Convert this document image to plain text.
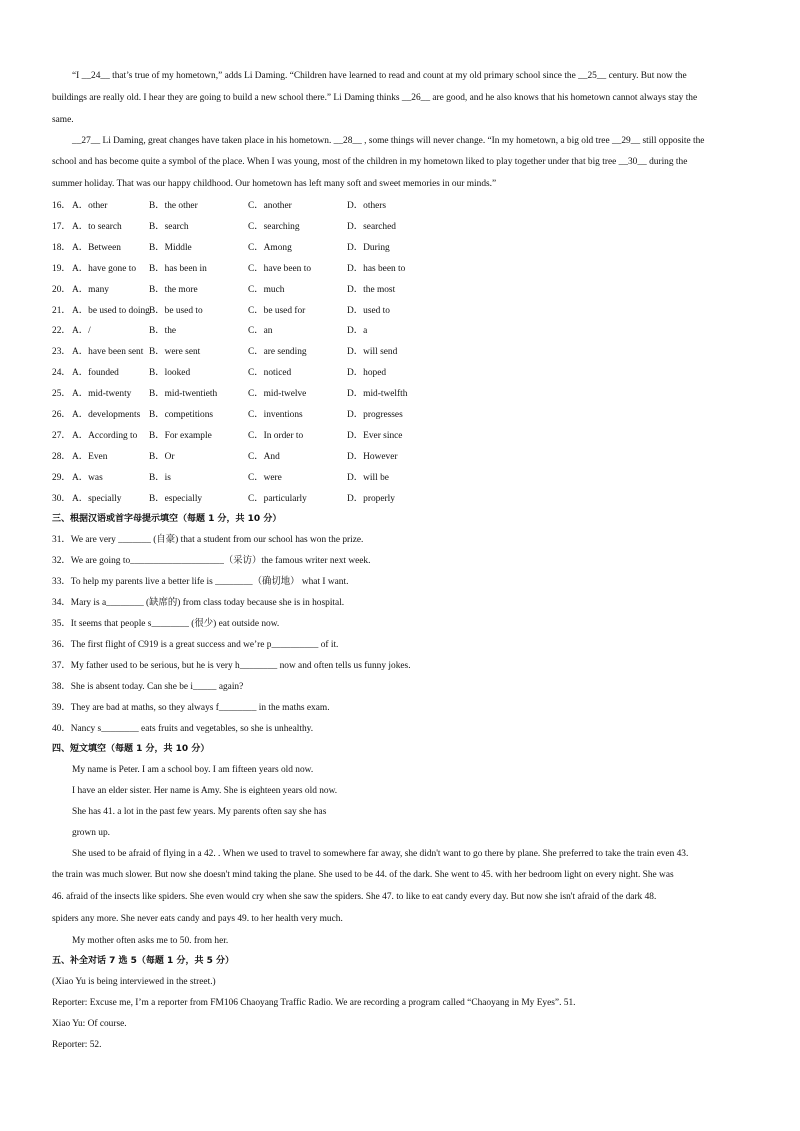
“I __24__ that’s true of my hometown,” adds Li Daming. “Children have learned to read and count at my old primary school since the __25__ century. But now the
buildings are really old. I hear they are going to build a new school there.” Li Daming thinks __26__ are good, and he also knows that his hometown cannot always stay the
same.
__27__ Li Daming, great changes have taken place in his hometown. __28__ , some things will never change. “In my hometown, a big old tree __29__ still opposite the
school and has become quite a symbol of the place. When I was young, most of the children in my hometown liked to play together under that big tree __30__ during the
summer holiday. That was our happy childhood. Our hometown has left many soft and sweet memories in our minds.”
16． A．other	B．the other	C．another	D．others
17． A．to search	B．search	C．searching	D．searched
18． A．Between	B．Middle	C．Among	D．During
19． A．have gone to B．has been in	C．have been to	D．has been to
20． A．many	B．the more	C．much	D．the most
21． A．be used to doing B．be used to	C．be used for	D．used to
22． A．/	B．the	C．an	D．a
23． A．have been sent B．were sent	C．are sending	D．will send
24． A．founded	B．looked	C．noticed	D．hoped
25． A．mid-twenty B．mid-twentieth	C．mid-twelve	D．mid-twelfth
26． A．developments B．competitions	C．inventions	D．progresses
27． A．According to B．For example	C．In order to	D．Ever since
28． A．Even	B．Or	C．And	D．However
29． A．was	B．is	C．were	D．will be
30． A．specially	B．especially	C．particularly	D．properly
三、根据汉语或首字母提示填空（每题 1 分，共 10 分）
31．We are very _______ (自豪) that a student from our school has won the prize.
32．We are going to____________________（采访）the famous writer next week.
33．To help my parents live a better life is ________（确切地） what I want.
34．Mary is a________ (缺席的) from class today because she is in hospital.
35．It seems that people s________ (很少) eat outside now.
36．The first flight of C919 is a great success and we’re p__________ of it.
37．My father used to be serious, but he is very h________ now and often tells us funny jokes.
38．She is absent today. Can she be i_____ again?
39．They are bad at maths, so they always f________ in the maths exam.
40．Nancy s________ eats fruits and vegetables, so she is unhealthy.
四、短文填空（每题 1 分，共 10 分）
My name is Peter. I am a school boy. I am fifteen years old now.
I have an elder sister. Her name is Amy. She is eighteen years old now.
She has 41. a lot in the past few years. My parents often say she has
grown up.
She used to be afraid of flying in a 42. . When we used to travel to somewhere far away, she didn't want to go there by plane. She preferred to take the train even 43.
the train was much slower. But now she doesn't mind taking the plane. She used to be 44. of the dark. She went to 45. with her bedroom light on every night. She was
46. afraid of the insects like spiders. She even would cry when she saw the spiders. She 47. to like to eat candy every day. But now she isn't afraid of the dark 48.
spiders any more. She never eats candy and pays 49. to her health very much.
My mother often asks me to 50. from her.
五、补全对话 7 选 5（每题 1 分，共 5 分）
(Xiao Yu is being interviewed in the street.)
Reporter: Excuse me, I’m a reporter from FM106 Chaoyang Traffic Radio. We are recording a program called “Chaoyang in My Eyes”. 51.
Xiao Yu: Of course.
Reporter: 52.
